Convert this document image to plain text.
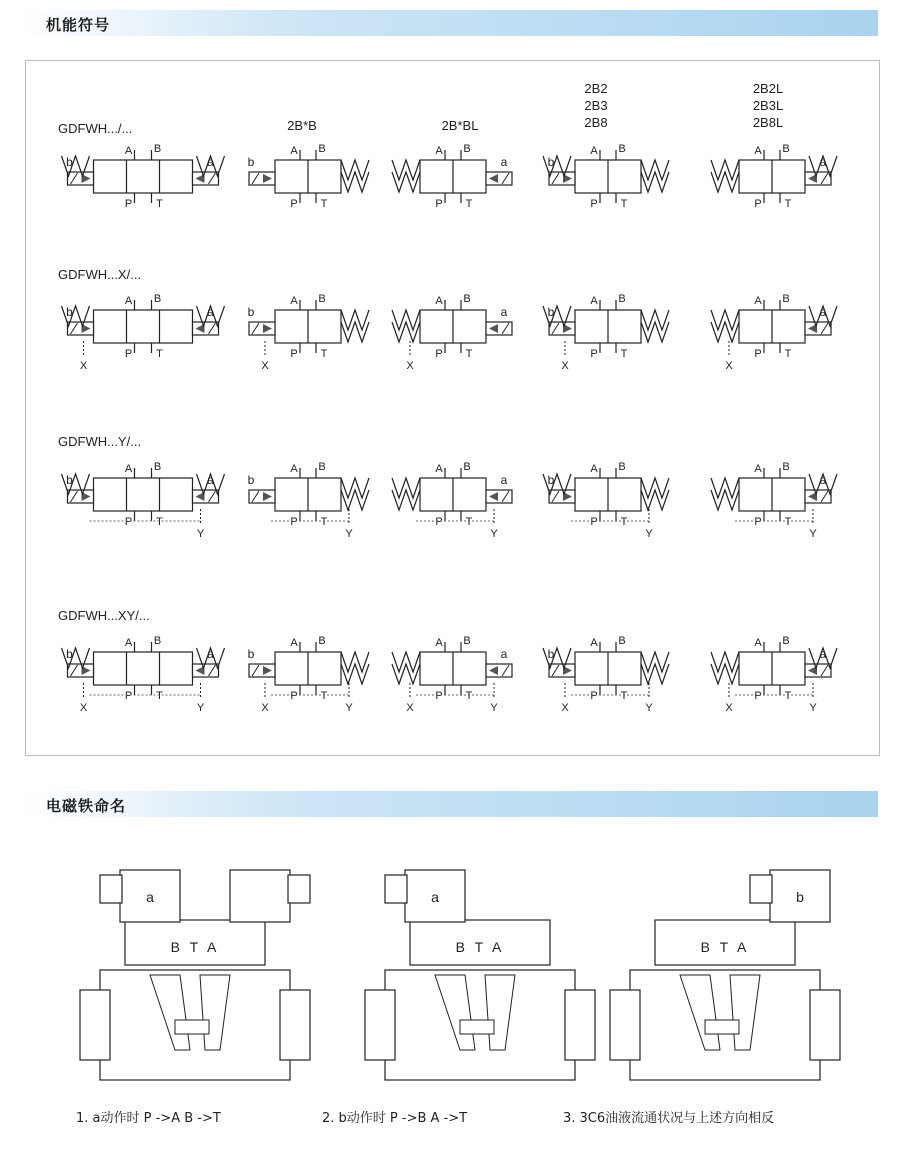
机能符号
2B*B	2B*BL
2B2
2B3
2B8
2B2L
2B3L
2B8L
GDFWH.../...
GDFWH...X/...
GDFWH...Y/...
GDFWH...XY/...
A B
P T
b	a
A B
P T
b
A B
P T
a
A B
P T
b
A B
P T
a
A B
P T
b	a
X
A B
P T
b
X
A B
P T
a
X
A B
P T
b
X
A B
P T
a
X
A B
P T
b	a
Y
A B
P T
b
Y
A B
P T
a
Y
A B
P T
b
Y
A B
P T
a
Y
A B
P T
b	a
X	Y
A B
P T
b
X	Y
A B
P T
a
X	Y
A B
P T
b
X	Y
A B
P T
a
X	Y
电磁铁命名
B T A
a
B T A
a
B T A
b
1. a动作时 P ->A B ->T	2. b动作时 P ->B A ->T	3. 3C6油液流通状况与上述方向相反
